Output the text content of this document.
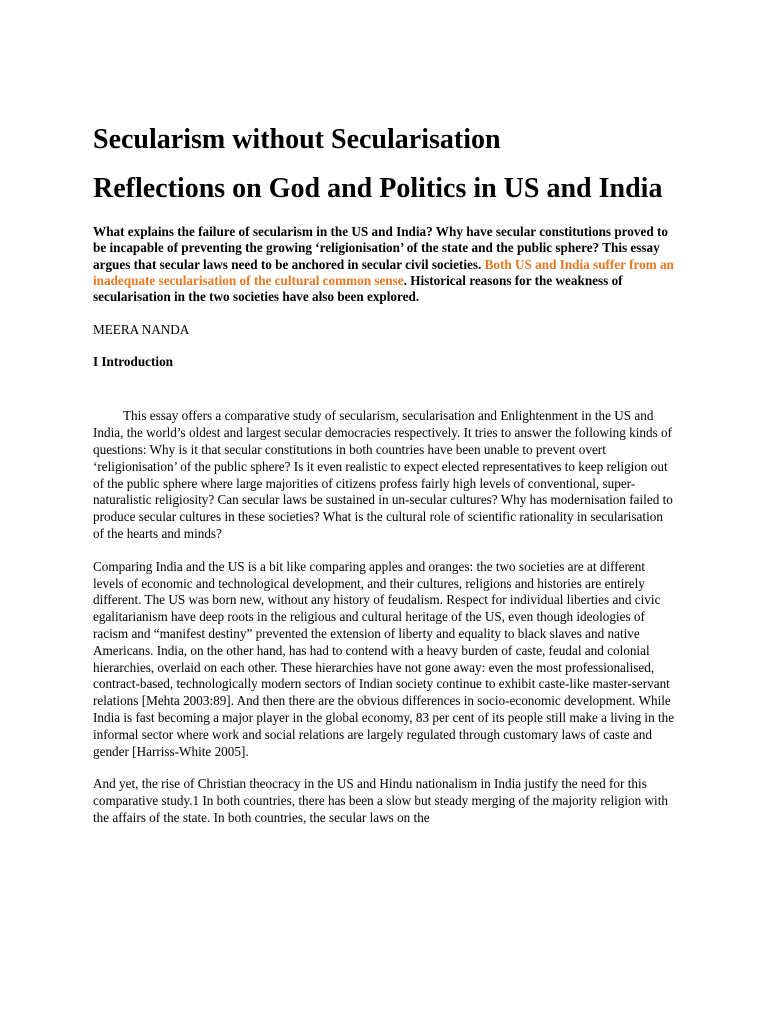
Secularism without Secularisation
Reflections on God and Politics in US and India

What explains the failure of secularism in the US and India? Why have secular constitutions proved to be incapable of preventing the growing ‘religionisation’ of the state and the public sphere? This essay argues that secular laws need to be anchored in secular civil societies. Both US and India suffer from an inadequate secularisation of the cultural common sense. Historical reasons for the weakness of secularisation in the two societies have also been explored.

MEERA NANDA

I Introduction

This essay offers a comparative study of secularism, secularisation and Enlightenment in the US and India, the world’s oldest and largest secular democracies respectively. It tries to answer the following kinds of questions: Why is it that secular constitutions in both countries have been unable to prevent overt ‘religionisation’ of the public sphere? Is it even realistic to expect elected representatives to keep religion out of the public sphere where large majorities of citizens profess fairly high levels of conventional, super-naturalistic religiosity? Can secular laws be sustained in un-secular cultures? Why has modernisation failed to produce secular cultures in these societies? What is the cultural role of scientific rationality in secularisation of the hearts and minds?

Comparing India and the US is a bit like comparing apples and oranges: the two societies are at different levels of economic and technological development, and their cultures, religions and histories are entirely different. The US was born new, without any history of feudalism. Respect for individual liberties and civic egalitarianism have deep roots in the religious and cultural heritage of the US, even though ideologies of racism and “manifest destiny” prevented the extension of liberty and equality to black slaves and native Americans. India, on the other hand, has had to contend with a heavy burden of caste, feudal and colonial hierarchies, overlaid on each other. These hierarchies have not gone away: even the most professionalised, contract-based, technologically modern sectors of Indian society continue to exhibit caste-like master-servant relations [Mehta 2003:89]. And then there are the obvious differences in socio-economic development. While India is fast becoming a major player in the global economy, 83 per cent of its people still make a living in the informal sector where work and social relations are largely regulated through customary laws of caste and gender [Harriss-White 2005].

And yet, the rise of Christian theocracy in the US and Hindu nationalism in India justify the need for this comparative study.1 In both countries, there has been a slow but steady merging of the majority religion with the affairs of the state. In both countries, the secular laws on the
